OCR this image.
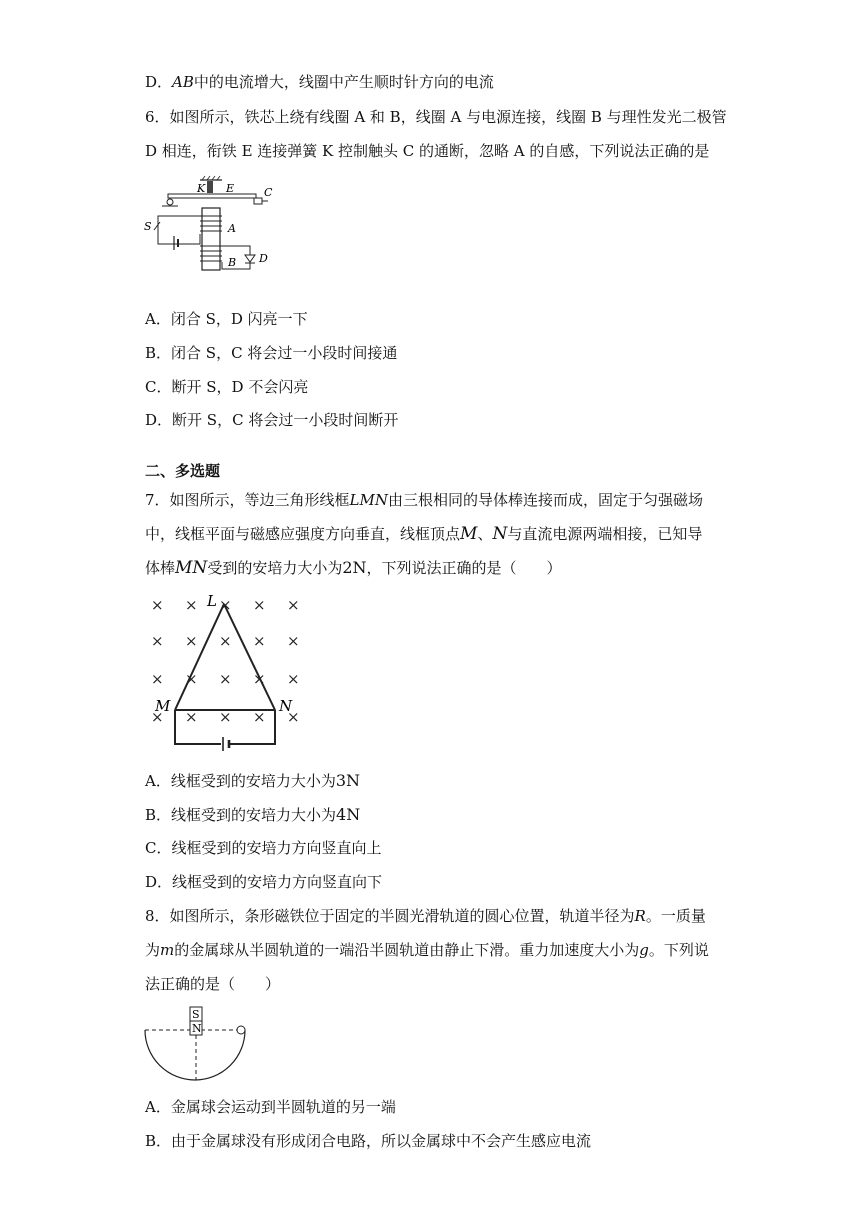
D．AB中的电流增大，线圈中产生顺时针方向的电流
6．如图所示，铁芯上绕有线圈 A 和 B，线圈 A 与电源连接，线圈 B 与理性发光二极管
D 相连，衔铁 E 连接弹簧 K 控制触头 C 的通断，忽略 A 的自感，下列说法正确的是
K E	C
S	A
B D
A．闭合 S，D 闪亮一下
B．闭合 S，C 将会过一小段时间接通
C．断开 S，D 不会闪亮
D．断开 S，C 将会过一小段时间断开
二、多选题
7．如图所示，等边三角形线框LMN由三根相同的导体棒连接而成，固定于匀强磁场
中，线框平面与磁感应强度方向垂直，线框顶点M、N与直流电源两端相接，已知导
体棒MN受到的安培力大小为2N，下列说法正确的是（　　）
× × × × ×
× × × × ×
× × × × ×
× × × × ×
L
M	N
A．线框受到的安培力大小为3N
B．线框受到的安培力大小为4N
C．线框受到的安培力方向竖直向上
D．线框受到的安培力方向竖直向下
8．如图所示，条形磁铁位于固定的半圆光滑轨道的圆心位置，轨道半径为R。一质量
为m的金属球从半圆轨道的一端沿半圆轨道由静止下滑。重力加速度大小为g。下列说
法正确的是（　　）
S
N
A．金属球会运动到半圆轨道的另一端
B．由于金属球没有形成闭合电路，所以金属球中不会产生感应电流
